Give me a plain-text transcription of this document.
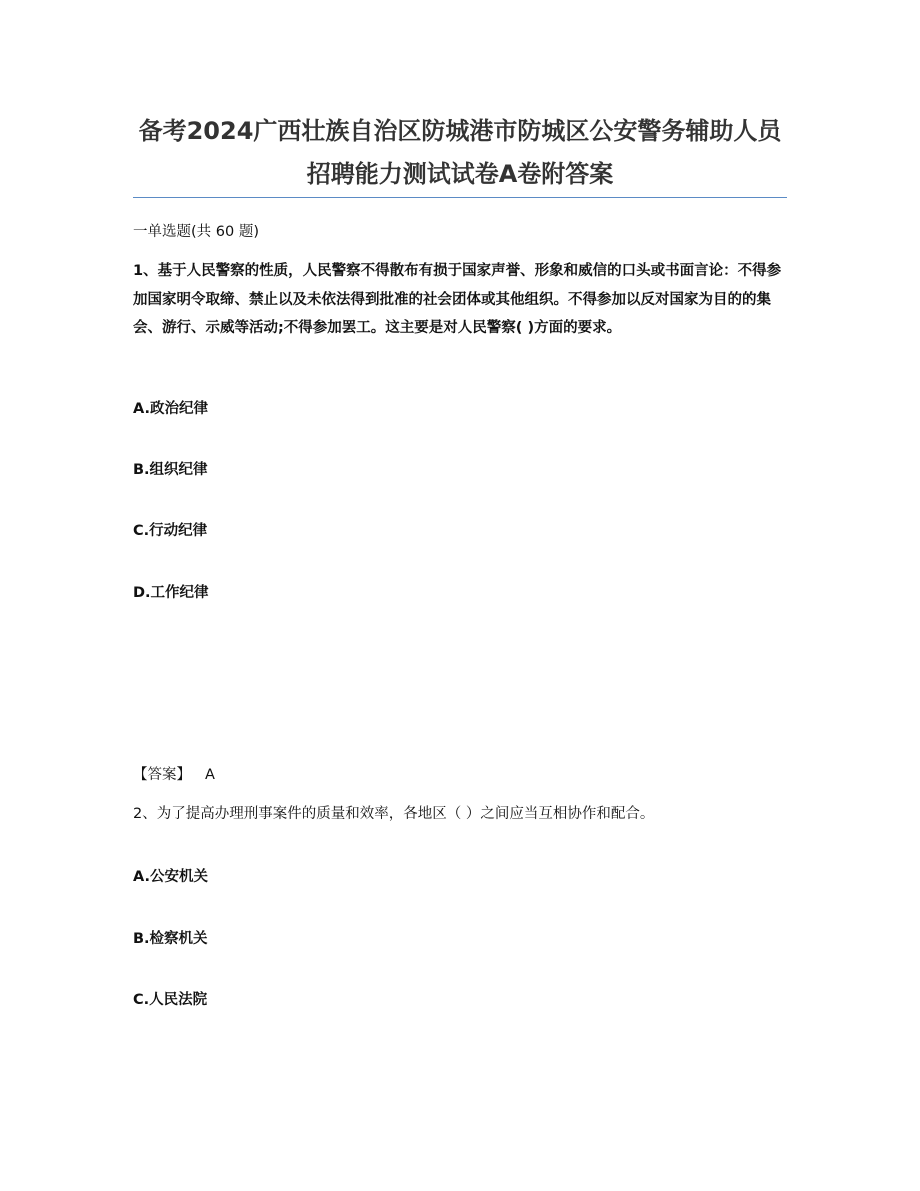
备考2024广西壮族自治区防城港市防城区公安警务辅助人员招聘能力测试试卷A卷附答案
一单选题(共 60 题)
1、基于人民警察的性质，人民警察不得散布有损于国家声誉、形象和威信的口头或书面言论：不得参加国家明令取缔、禁止以及未依法得到批准的社会团体或其他组织。不得参加以反对国家为目的的集会、游行、示威等活动;不得参加罢工。这主要是对人民警察( )方面的要求。
A.政治纪律
B.组织纪律
C.行动纪律
D.工作纪律
【答案】 A
2、为了提高办理刑事案件的质量和效率，各地区（ ）之间应当互相协作和配合。
A.公安机关
B.检察机关
C.人民法院
